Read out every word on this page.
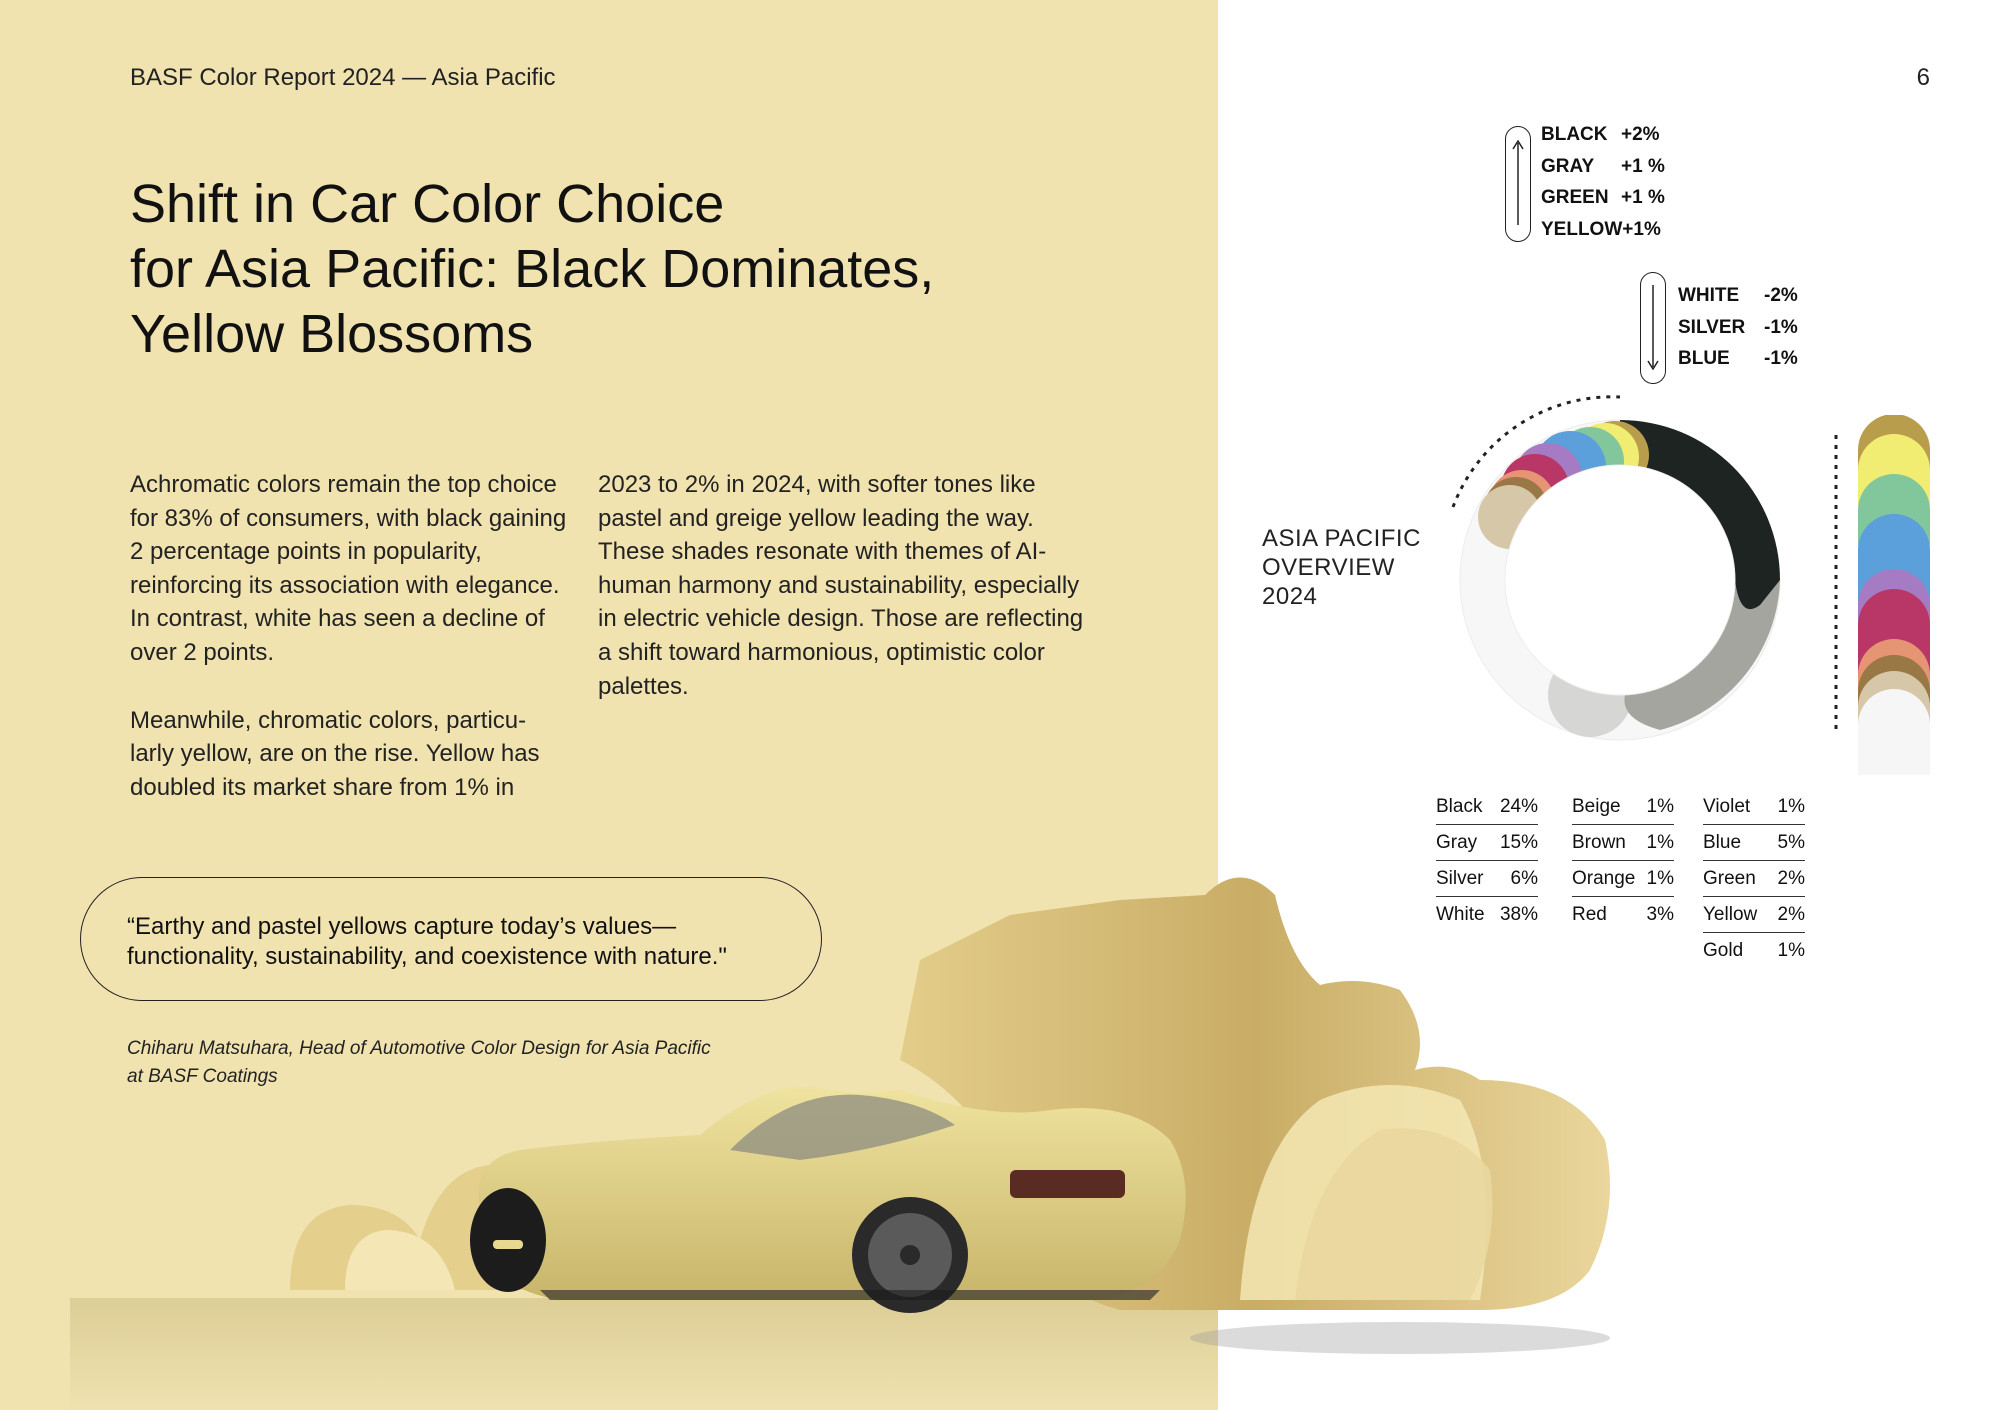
BASF Color Report 2024 — Asia Pacific	6
Shift in Car Color Choice
for Asia Pacific: Black Dominates,
Yellow Blossoms

Achromatic colors remain the top choice for 83% of consumers, with black gaining 2 percentage points in popularity, reinforcing its association with elegance. In contrast, white has seen a decline of over 2 points.

Meanwhile, chromatic colors, particu-larly yellow, are on the rise. Yellow has doubled its market share from 1% in

2023 to 2% in 2024, with softer tones like pastel and greige yellow leading the way. These shades resonate with themes of AI-human harmony and sustainability, especially in electric vehicle design. Those are reflecting a shift toward harmonious, optimistic color palettes.

“Earthy and pastel yellows capture today’s values—
functionality, sustainability, and coexistence with nature."
Chiharu Matsuhara, Head of Automotive Color Design for Asia Pacific
at BASF Coatings
BLACK +2%
GRAY +1 %
GREEN +1 %
YELLOW+1%
WHITE -2%
SILVER -1%
BLUE -1%
ASIA PACIFIC
OVERVIEW
2024
Black 24%
Gray 15%
Silver 6%
White 38%
Beige 1%
Brown 1%
Orange 1%
Red 3%
Violet 1%
Blue 5%
Green 2%
Yellow 2%
Gold 1%
